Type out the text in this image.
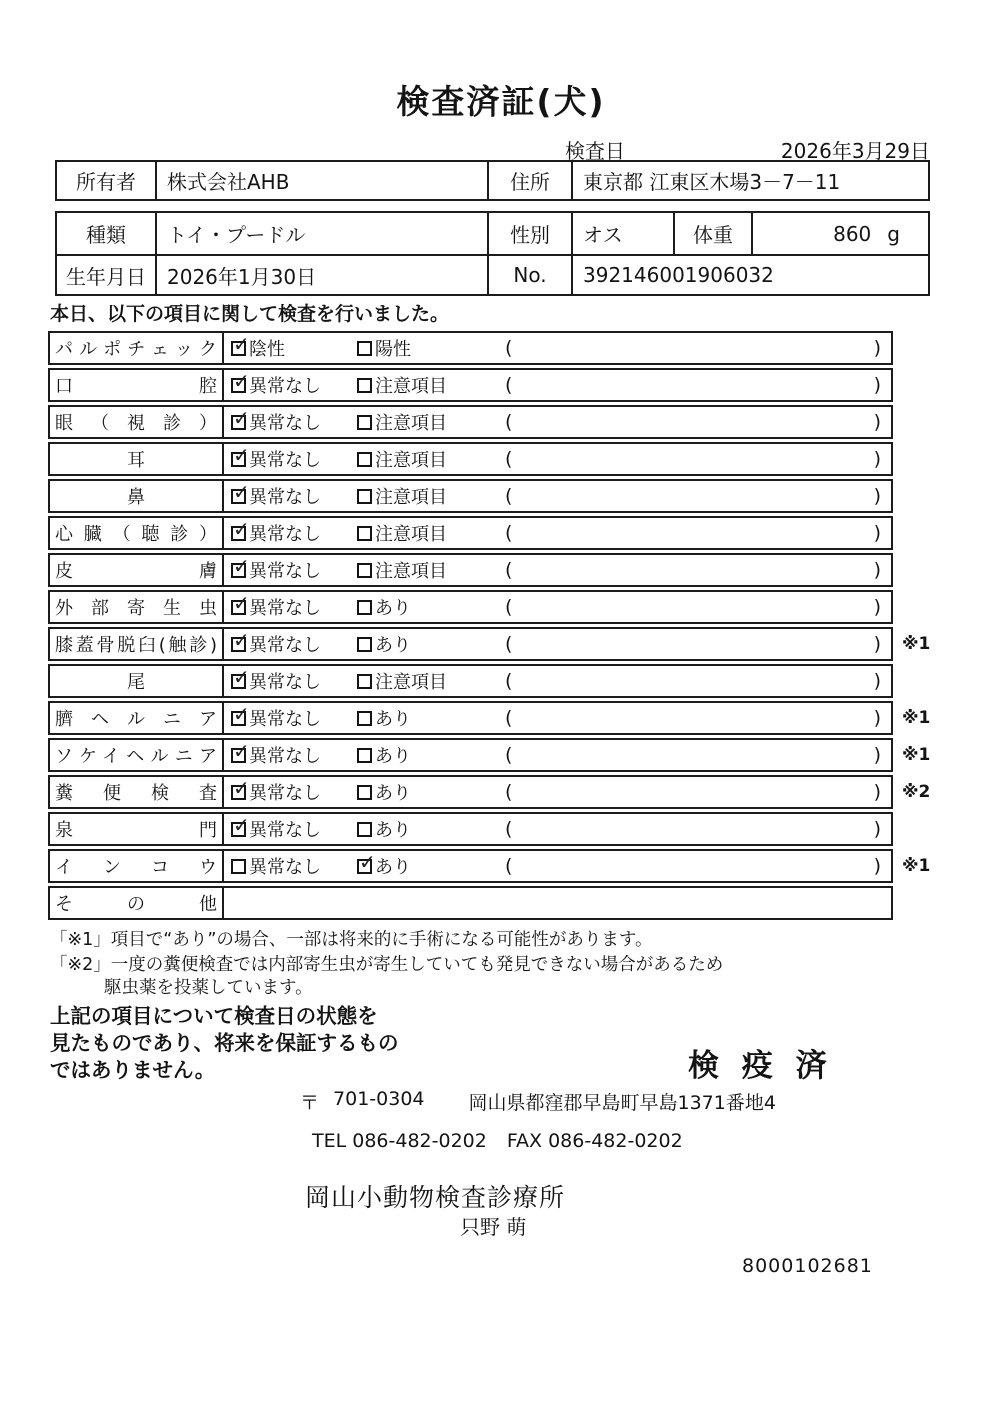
検査済証(犬)
検査日	2026年3月29日
所有者	株式会社AHB	住所	東京都 江東区木場3－7－11
種類	トイ・プードル	性別	オス	体重	860 g
生年月日	2026年1月30日	No.	392146001906032
本日、以下の項目に関して検査を行いました。
パルポチェック ✓ 陰性	陽性	(	)
口腔 ✓ 異常なし	注意項目	(	)
眼（視診） ✓ 異常なし	注意項目	(	)
耳	✓ 異常なし	注意項目	(	)
鼻	✓ 異常なし	注意項目	(	)
心臓（聴診） ✓ 異常なし	注意項目	(	)
皮膚 ✓ 異常なし	注意項目	(	)
外部寄生虫 ✓ 異常なし	あり	(	)
膝蓋骨脱臼(触診) ✓ 異常なし	あり	(	) ※1
尾	✓ 異常なし	注意項目	(	)
臍ヘルニア ✓ 異常なし	あり	(	) ※1
ソケイヘルニア ✓ 異常なし	あり	(	) ※1
糞便検査 ✓ 異常なし	あり	(	) ※2
泉門 ✓ 異常なし	あり	(	)
インコウ 異常なし ✓ あり	(	) ※1
その他
「※1」項目で“あり”の場合、一部は将来的に手術になる可能性があります。
「※2」一度の糞便検査では内部寄生虫が寄生していても発見できない場合があるため
駆虫薬を投薬しています。
上記の項目について検査日の状態を
見たものであり、将来を保証するもの
ではありません。	検 疫 済
〒 701-0304 岡山県都窪郡早島町早島1371番地4
TEL 086-482-0202 FAX 086-482-0202
岡山小動物検査診療所
只野 萌
8000102681
